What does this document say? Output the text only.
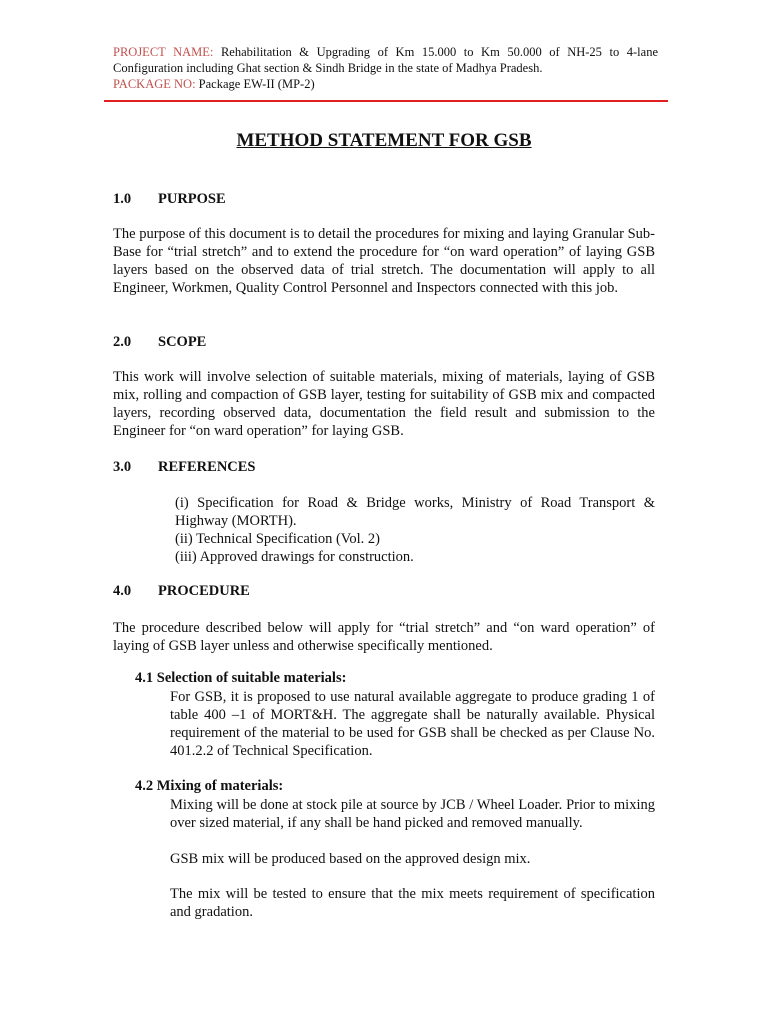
PROJECT NAME: Rehabilitation & Upgrading of Km 15.000 to Km 50.000 of NH-25 to 4-lane Configuration including Ghat section & Sindh Bridge in the state of Madhya Pradesh.
PACKAGE NO: Package EW-II (MP-2)
METHOD STATEMENT FOR GSB
1.0 PURPOSE
The purpose of this document is to detail the procedures for mixing and laying Granular Sub-Base for “trial stretch” and to extend the procedure for “on ward operation” of laying GSB layers based on the observed data of trial stretch. The documentation will apply to all Engineer, Workmen, Quality Control Personnel and Inspectors connected with this job.
2.0 SCOPE
This work will involve selection of suitable materials, mixing of materials, laying of GSB mix, rolling and compaction of GSB layer, testing for suitability of GSB mix and compacted layers, recording observed data, documentation the field result and submission to the Engineer for “on ward operation” for laying GSB.
3.0 REFERENCES
(i) Specification for Road & Bridge works, Ministry of Road Transport & Highway (MORTH).
(ii) Technical Specification (Vol. 2)
(iii) Approved drawings for construction.
4.0 PROCEDURE
The procedure described below will apply for “trial stretch” and “on ward operation” of laying of GSB layer unless and otherwise specifically mentioned.
4.1 Selection of suitable materials:
For GSB, it is proposed to use natural available aggregate to produce grading 1 of table 400 –1 of MORT&H. The aggregate shall be naturally available. Physical requirement of the material to be used for GSB shall be checked as per Clause No. 401.2.2 of Technical Specification.
4.2 Mixing of materials:
Mixing will be done at stock pile at source by JCB / Wheel Loader. Prior to mixing over sized material, if any shall be hand picked and removed manually.
GSB mix will be produced based on the approved design mix.
The mix will be tested to ensure that the mix meets requirement of specification and gradation.
